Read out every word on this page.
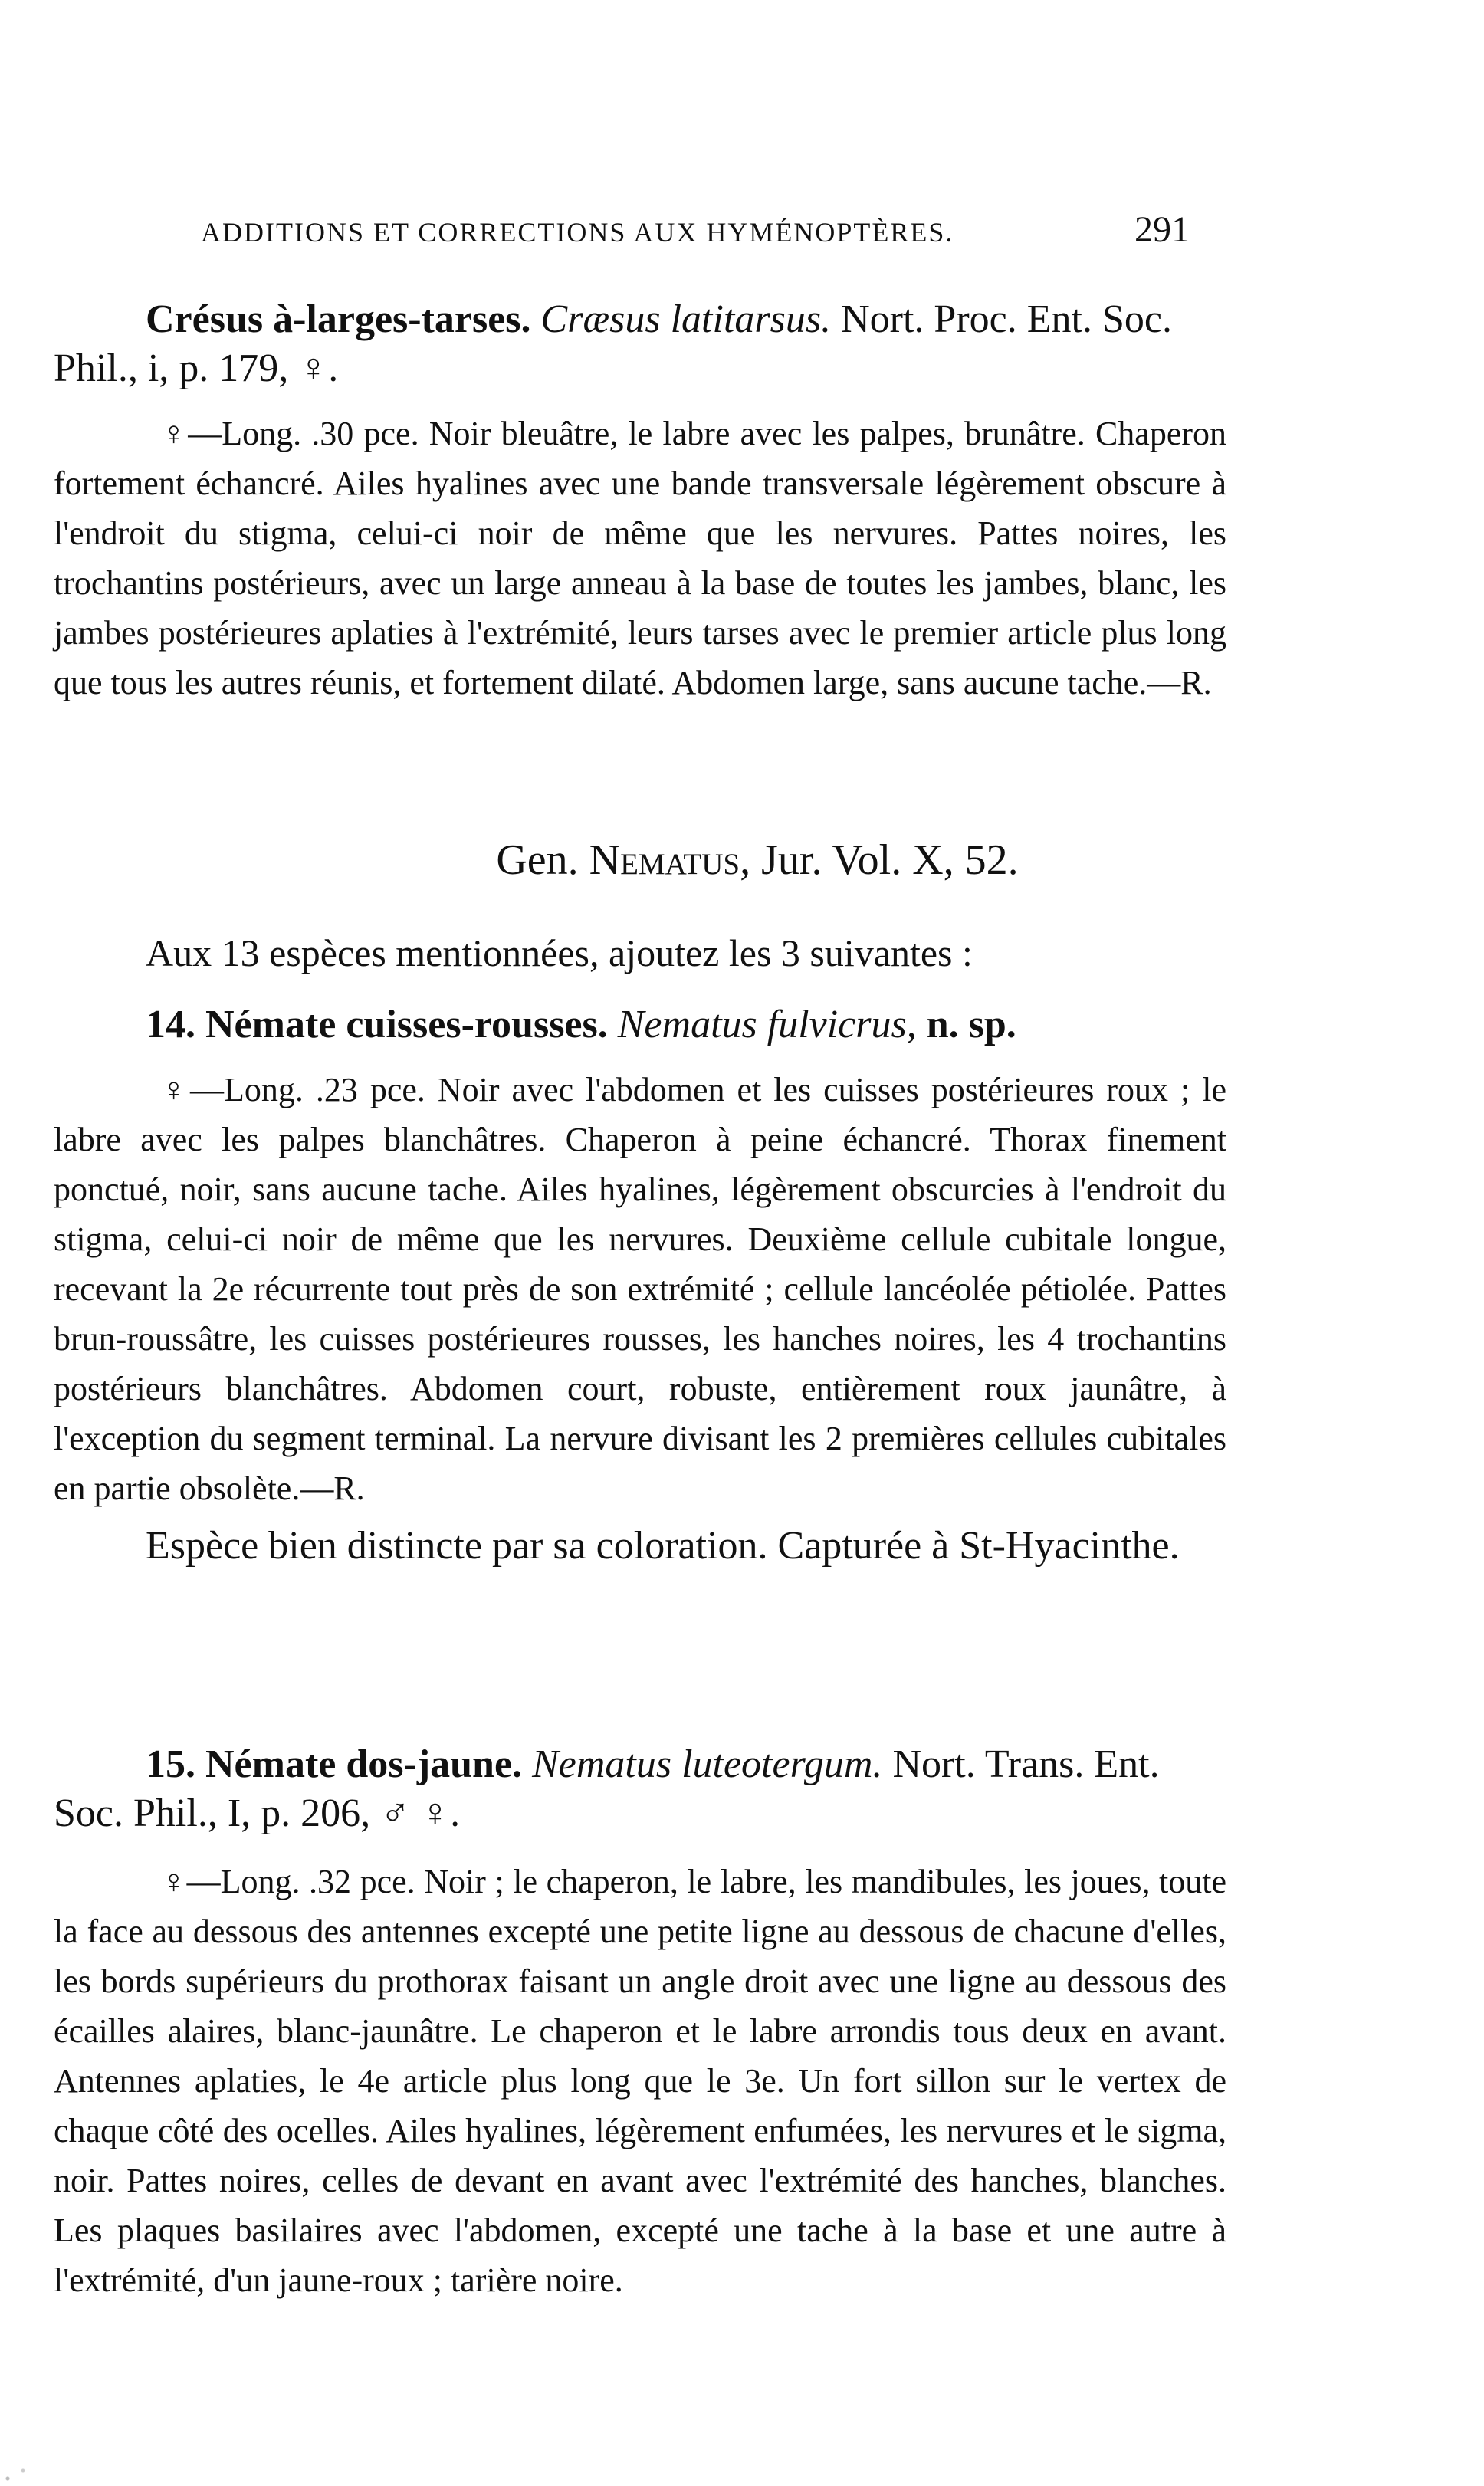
ADDITIONS ET CORRECTIONS AUX HYMÉNOPTÈRES.	291
Crésus à-larges-tarses. Cræsus latitarsus. Nort. Proc. Ent. Soc. Phil., i, p. 179, ♀.

♀—Long. .30 pce. Noir bleuâtre, le labre avec les palpes, brunâtre. Chaperon fortement échancré. Ailes hyalines avec une bande transversale légèrement obscure à l'endroit du stigma, celui-ci noir de même que les nervures. Pattes noires, les trochantins postérieurs, avec un large anneau à la base de toutes les jambes, blanc, les jambes postérieures aplaties à l'extrémité, leurs tarses avec le premier article plus long que tous les autres réunis, et fortement dilaté. Abdomen large, sans aucune tache.—R.

Gen. Nematus, Jur. Vol. X, 52.

Aux 13 espèces mentionnées, ajoutez les 3 suivantes :

14. Némate cuisses-rousses. Nematus fulvicrus, n. sp.

♀—Long. .23 pce. Noir avec l'abdomen et les cuisses postérieures roux ; le labre avec les palpes blanchâtres. Chaperon à peine échancré. Thorax finement ponctué, noir, sans aucune tache. Ailes hyalines, légèrement obscurcies à l'endroit du stigma, celui-ci noir de même que les nervures. Deuxième cellule cubitale longue, recevant la 2e récurrente tout près de son extrémité ; cellule lancéolée pétiolée. Pattes brun-roussâtre, les cuisses postérieures rousses, les hanches noires, les 4 trochantins postérieurs blanchâtres. Abdomen court, robuste, entièrement roux jaunâtre, à l'exception du segment terminal. La nervure divisant les 2 premières cellules cubitales en partie obsolète.—R.

Espèce bien distincte par sa coloration. Capturée à St-Hyacinthe.

15. Némate dos-jaune. Nematus luteotergum. Nort. Trans. Ent. Soc. Phil., I, p. 206, ♂ ♀.

♀—Long. .32 pce. Noir ; le chaperon, le labre, les mandibules, les joues, toute la face au dessous des antennes excepté une petite ligne au dessous de chacune d'elles, les bords supérieurs du prothorax faisant un angle droit avec une ligne au dessous des écailles alaires, blanc-jaunâtre. Le chaperon et le labre arrondis tous deux en avant. Antennes aplaties, le 4e article plus long que le 3e. Un fort sillon sur le vertex de chaque côté des ocelles. Ailes hyalines, légèrement enfumées, les nervures et le sigma, noir. Pattes noires, celles de devant en avant avec l'extrémité des hanches, blanches. Les plaques basilaires avec l'abdomen, excepté une tache à la base et une autre à l'extrémité, d'un jaune-roux ; tarière noire.
